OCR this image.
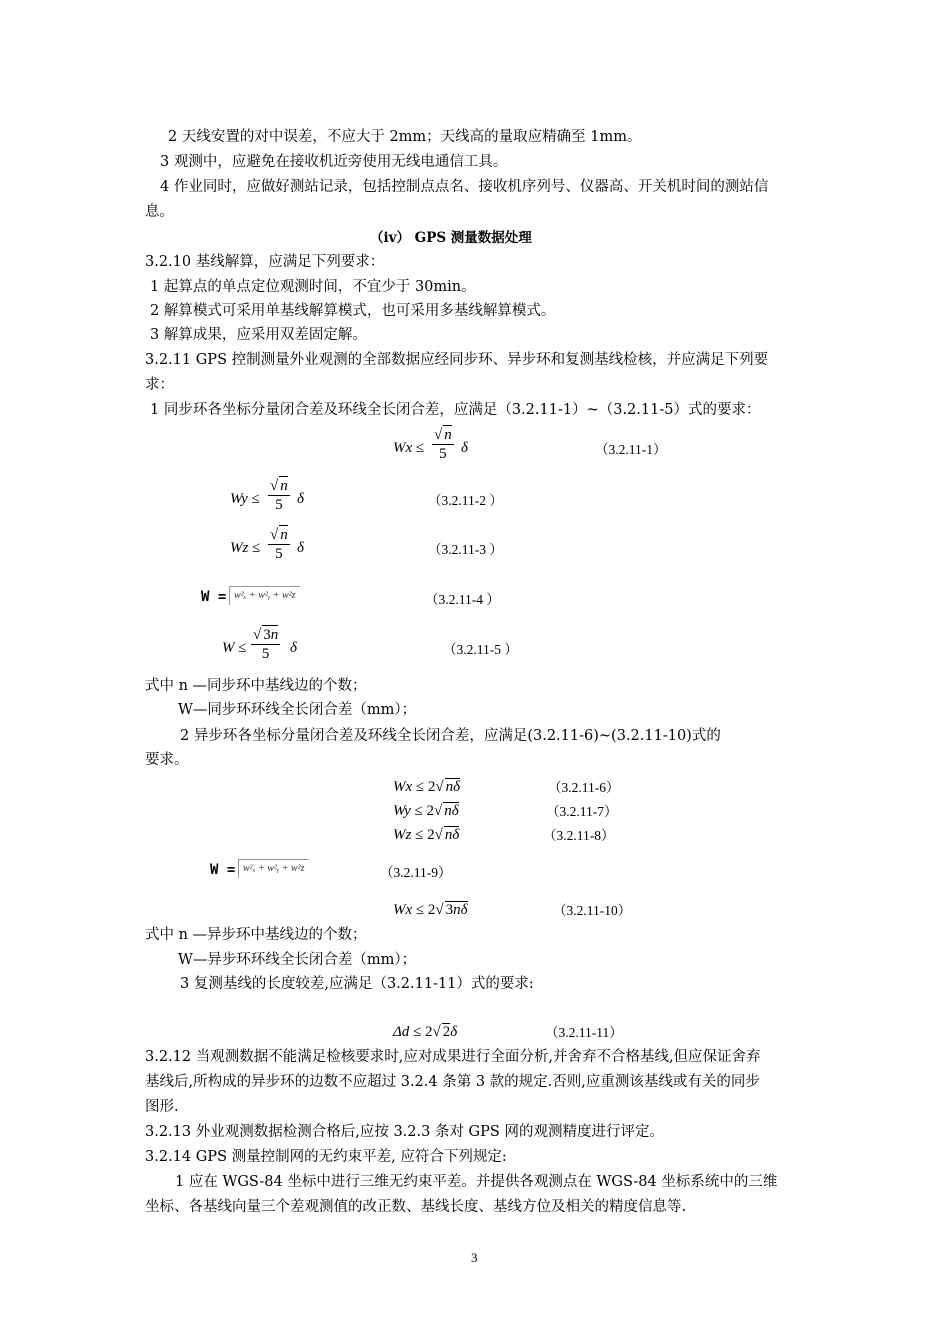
2 天线安置的对中误差，不应大于 2mm；天线高的量取应精确至 1mm。
3 观测中，应避免在接收机近旁使用无线电通信工具。
4 作业同时，应做好测站记录，包括控制点点名、接收机序列号、仪器高、开关机时间的测站信
息。
（iv） GPS 测量数据处理
3.2.10 基线解算，应满足下列要求：
1 起算点的单点定位观测时间，不宜少于 30min。
2 解算模式可采用单基线解算模式，也可采用多基线解算模式。
3 解算成果，应采用双差固定解。
3.2.11 GPS 控制测量外业观测的全部数据应经同步环、异步环和复测基线检核，并应满足下列要
求：
1 同步环各坐标分量闭合差及环线全长闭合差，应满足（3.2.11-1）~（3.2.11-5）式的要求：
$Wx \le \frac{√ n}{5}$ δ	（3.2.11-1）
$Wy \le \frac{√ n}{5}$ δ	（3.2.11-2 ）
$Wz \le \frac{√ n}{5}$ δ	（3.2.11-3 ）
W = w²ₓ + w²ᵧ + w²z	（3.2.11-4 ）
$W \le \frac{√ 3n}{5}$ δ	（3.2.11-5 ）
式中 n —同步环中基线边的个数；
W—同步环环线全长闭合差（mm）；
2 异步环各坐标分量闭合差及环线全长闭合差，应满足(3.2.11-6)~(3.2.11-10)式的
要求。
Wx ≤ 2√ nδ	（3.2.11-6）
Wy ≤ 2√ nδ	（3.2.11-7）
Wz ≤ 2√ nδ	（3.2.11-8）
W = w²ₓ + w²ᵧ + w²z	（3.2.11-9）
Wx ≤ 2√ 3nδ	（3.2.11-10）
式中 n —异步环中基线边的个数；
W—异步环环线全长闭合差（mm）；
3 复测基线的长度较差,应满足（3.2.11-11）式的要求:
Δd ≤ 2√ 2δ	（3.2.11-11）
3.2.12 当观测数据不能满足检核要求时,应对成果进行全面分析,并舍弃不合格基线,但应保证舍弃
基线后,所构成的异步环的边数不应超过 3.2.4 条第 3 款的规定.否则,应重测该基线或有关的同步
图形.
3.2.13 外业观测数据检测合格后,应按 3.2.3 条对 GPS 网的观测精度进行评定。
3.2.14 GPS 测量控制网的无约束平差, 应符合下列规定:
1 应在 WGS-84 坐标中进行三维无约束平差。并提供各观测点在 WGS-84 坐标系统中的三维
坐标、各基线向量三个差观测值的改正数、基线长度、基线方位及相关的精度信息等.
3
